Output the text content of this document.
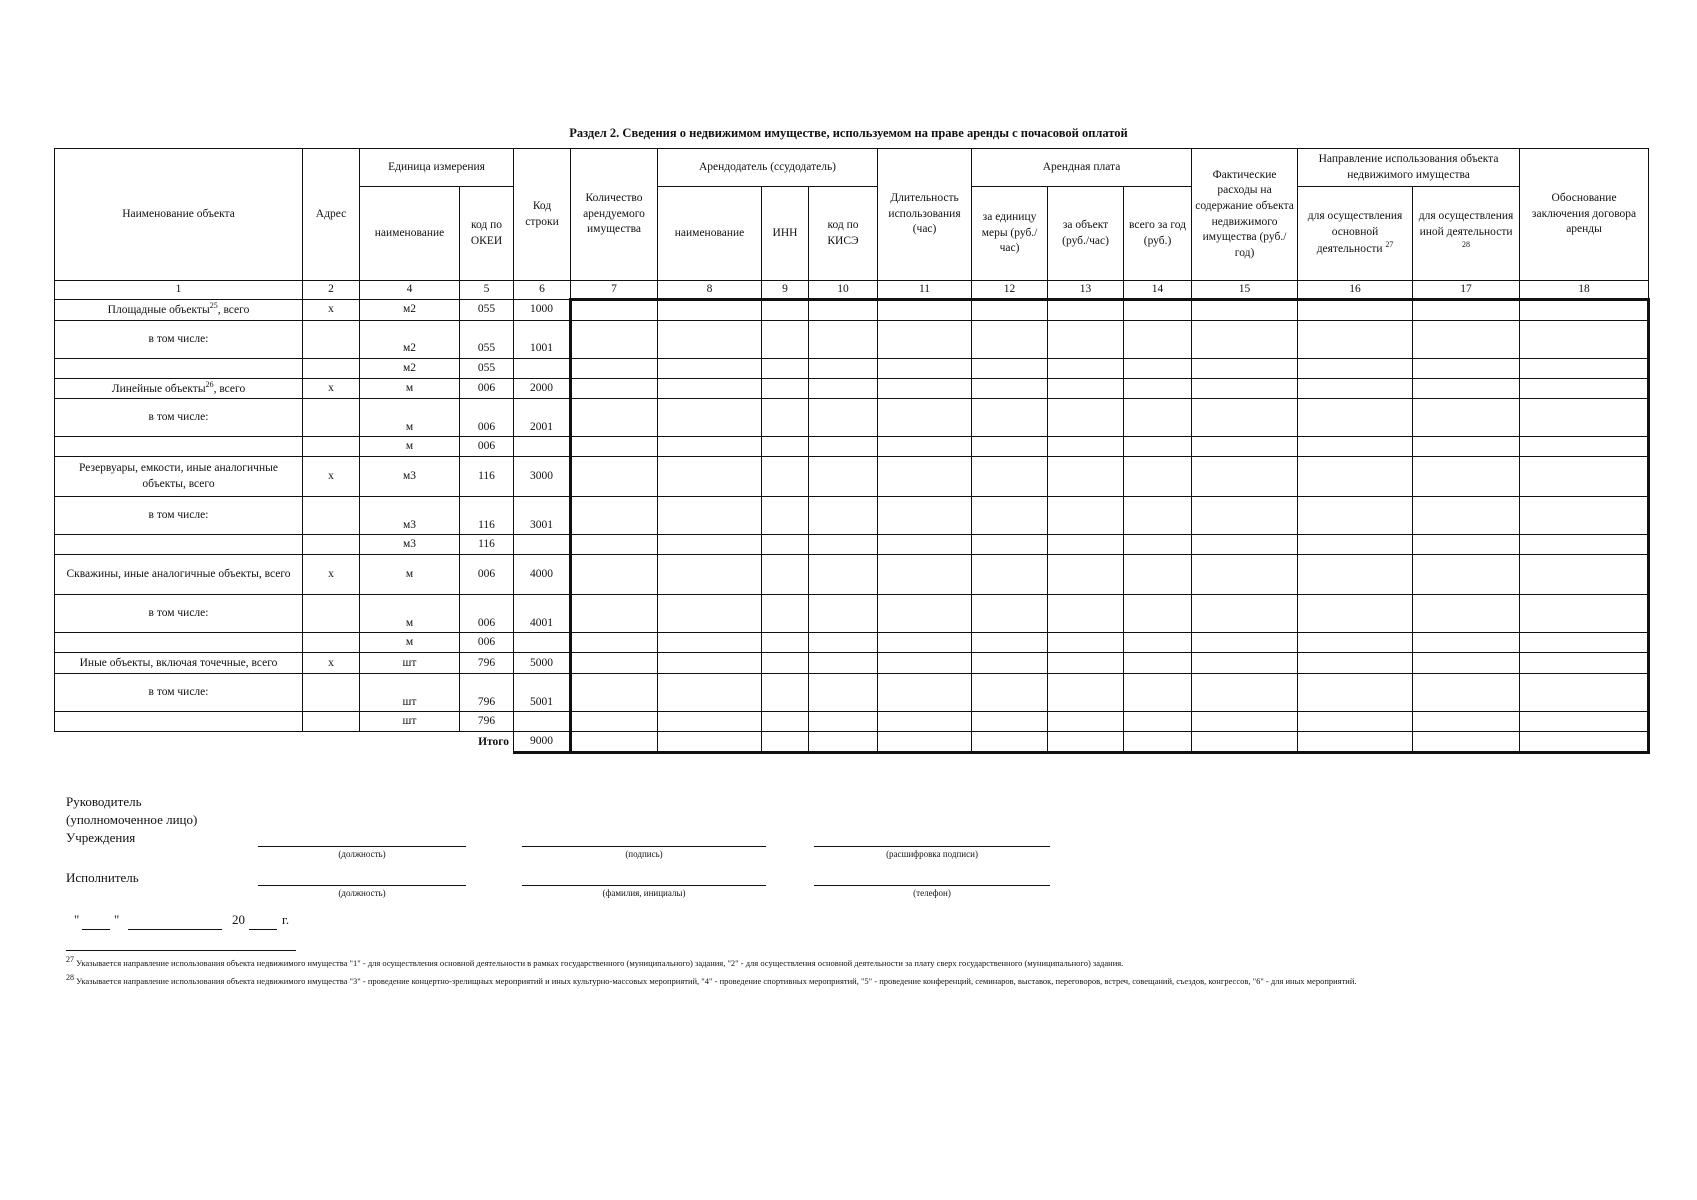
Раздел 2. Сведения о недвижимом имуществе, используемом на праве аренды с почасовой оплатой
Наименование объекта	Адрес	Единица измерения		Код строки	Количество арендуемого имущества	Арендодатель (ссудодатель)			Длительность использования (час)	Арендная плата			Фактические расходы на содержание объекта недвижимого имущества (руб./год)	Направление использования объекта недвижимого имущества		Обоснование заключения договора аренды
		наименование	код по ОКЕИ			наименование	ИНН	код по КИСЭ		за единицу меры (руб./час)	за объект (руб./час)	всего за год (руб.)		для осуществления основной деятельности $^{27}$	для осуществления иной деятельности $^{28}$
1	2	4	5	6	7	8	9	10	11	12	13	14	15	16	17	18
Площадные объекты$^{25}$, всего	х	м2	055	1000												
в том числе:		м2	055	1001												
		м2	055													
Линейные объекты$^{26}$, всего	х	м	006	2000												
в том числе:		м	006	2001												
		м	006													
Резервуары, емкости, иные аналогичные объекты, всего	х	м3	116	3000												
в том числе:		м3	116	3001												
		м3	116													
Скважины, иные аналогичные объекты, всего	х	м	006	4000												
в том числе:		м	006	4001												
		м	006													
Иные объекты, включая точечные, всего	х	шт	796	5000												
в том числе:		шт	796	5001												
		шт	796													
			Итого	9000												
Руководитель
(уполномоченное лицо)
Учреждения
(должность)	(подпись)	(расшифровка подписи)
Исполнитель
(должность)	(фамилия, инициалы)	(телефон)
"	"	20	г.
$^{27}$ Указывается направление использования объекта недвижимого имущества "1" - для осуществления основной деятельности в рамках государственного (муниципального) задания, "2" - для осуществления основной деятельности за плату сверх государственного (муниципального) задания.
$^{28}$ Указывается направление использования объекта недвижимого имущества "3" - проведение концертно-зрелищных мероприятий и иных культурно-массовых мероприятий, "4" - проведение спортивных мероприятий, "5" - проведение конференций, семинаров, выставок, переговоров, встреч, совещаний, съездов, конгрессов, "6" - для иных мероприятий.
